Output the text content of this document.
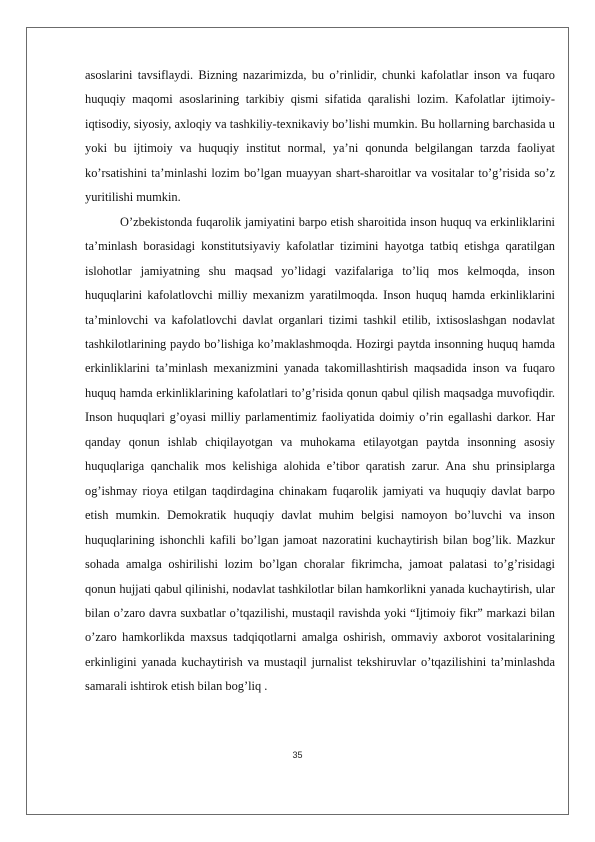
asoslarini tavsiflaydi. Bizning nazarimizda, bu o’rinlidir, chunki kafolatlar inson va fuqaro huquqiy maqomi asoslarining tarkibiy qismi sifatida qaralishi lozim. Kafolatlar ijtimoiy-iqtisodiy, siyosiy, axloqiy va tashkiliy-texnikaviy bo’lishi mumkin. Bu hollarning barchasida u yoki bu ijtimoiy va huquqiy institut normal, ya’ni qonunda belgilangan tarzda faoliyat ko’rsatishini ta’minlashi lozim bo’lgan muayyan shart-sharoitlar va vositalar to’g’risida so’z yuritilishi mumkin.

O’zbekistonda fuqarolik jamiyatini barpo etish sharoitida inson huquq va erkinliklarini ta’minlash borasidagi konstitutsiyaviy kafolatlar tizimini hayotga tatbiq etishga qaratilgan islohotlar jamiyatning shu maqsad yo’lidagi vazifalariga to’liq mos kelmoqda, inson huquqlarini kafolatlovchi milliy mexanizm yaratilmoqda. Inson huquq hamda erkinliklarini ta’minlovchi va kafolatlovchi davlat organlari tizimi tashkil etilib, ixtisoslashgan nodavlat tashkilotlarining paydo bo’lishiga ko’maklashmoqda. Hozirgi paytda insonning huquq hamda erkinliklarini ta’minlash mexanizmini yanada takomillashtirish maqsadida inson va fuqaro huquq hamda erkinliklarining kafolatlari to’g’risida qonun qabul qilish maqsadga muvofiqdir. Inson huquqlari g’oyasi milliy parlamentimiz faoliyatida doimiy o’rin egallashi darkor. Har qanday qonun ishlab chiqilayotgan va muhokama etilayotgan paytda insonning asosiy huquqlariga qanchalik mos kelishiga alohida e’tibor qaratish zarur. Ana shu prinsiplarga og’ishmay rioya etilgan taqdirdagina chinakam fuqarolik jamiyati va huquqiy davlat barpo etish mumkin. Demokratik huquqiy davlat muhim belgisi namoyon bo’luvchi va inson huquqlarining ishonchli kafili bo’lgan jamoat nazoratini kuchaytirish bilan bog’lik. Mazkur sohada amalga oshirilishi lozim bo’lgan choralar fikrimcha, jamoat palatasi to’g’risidagi qonun hujjati qabul qilinishi, nodavlat tashkilotlar bilan hamkorlikni yanada kuchaytirish, ular bilan o’zaro davra suxbatlar o’tqazilishi, mustaqil ravishda yoki “Ijtimoiy fikr” markazi bilan o’zaro hamkorlikda maxsus tadqiqotlarni amalga oshirish, ommaviy axborot vositalarining erkinligini yanada kuchaytirish va mustaqil jurnalist tekshiruvlar o’tqazilishini ta’minlashda samarali ishtirok etish bilan bog’liq .

35
